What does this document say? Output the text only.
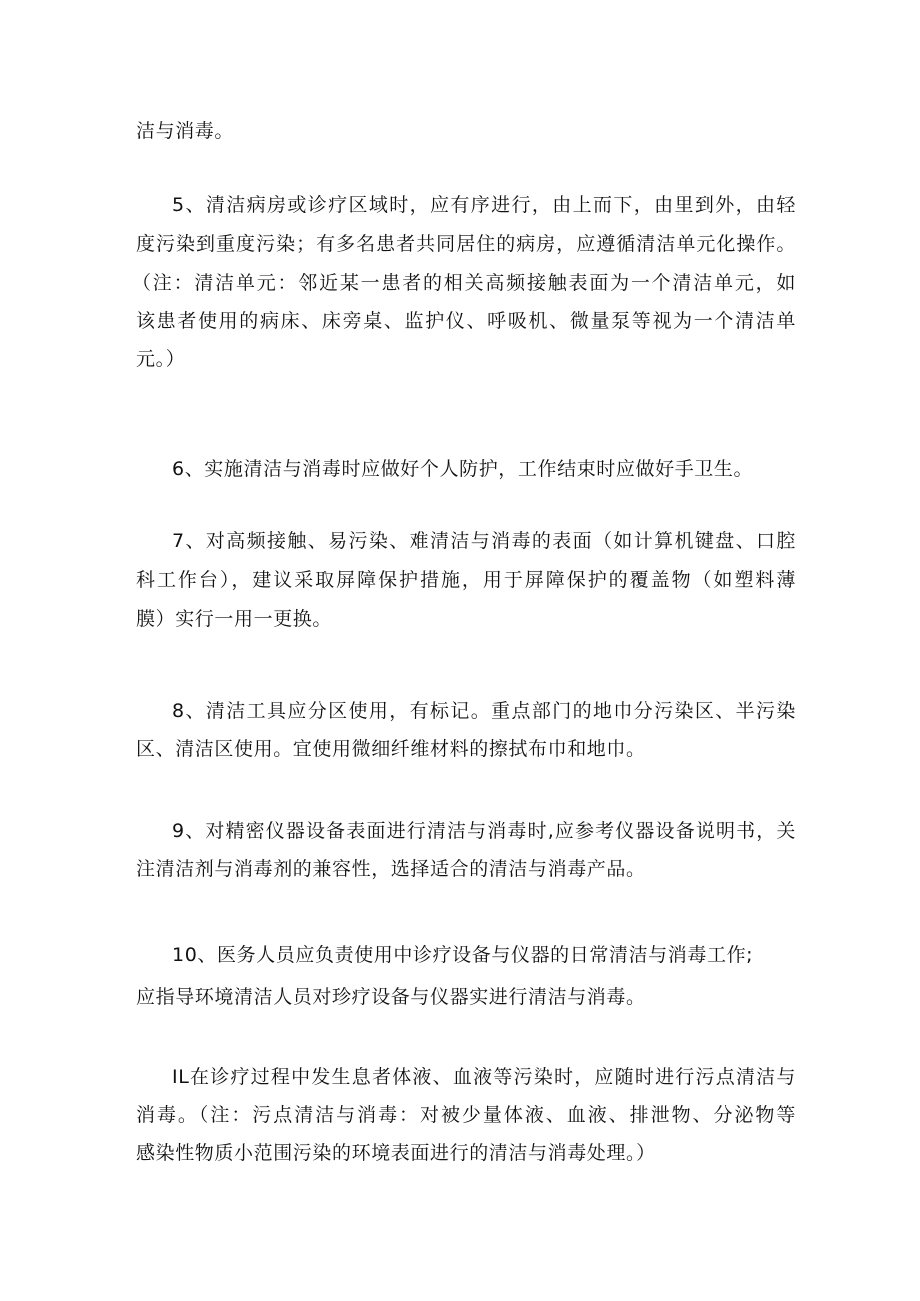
洁与消毒。
5、清洁病房或诊疗区域时，应有序进行，由上而下，由里到外，由轻
度污染到重度污染；有多名患者共同居住的病房，应遵循清洁单元化操作。
（注：清洁单元：邻近某一患者的相关高频接触表面为一个清洁单元，如
该患者使用的病床、床旁桌、监护仪、呼吸机、微量泵等视为一个清洁单
元。）
6、实施清洁与消毒时应做好个人防护，工作结束时应做好手卫生。
7、对高频接触、易污染、难清洁与消毒的表面（如计算机键盘、口腔
科工作台），建议采取屏障保护措施，用于屏障保护的覆盖物（如塑料薄
膜）实行一用一更换。
8、清洁工具应分区使用，有标记。重点部门的地巾分污染区、半污染
区、清洁区使用。宜使用微细纤维材料的擦拭布巾和地巾。
9、对精密仪器设备表面进行清洁与消毒时,应参考仪器设备说明书，关
注清洁剂与消毒剂的兼容性，选择适合的清洁与消毒产品。
10、医务人员应负责使用中诊疗设备与仪器的日常清洁与消毒工作;
应指导环境清洁人员对珍疗设备与仪器实进行清洁与消毒。
IL在诊疗过程中发生息者体液、血液等污染时，应随时进行污点清洁与
消毒。（注：污点清洁与消毒：对被少量体液、血液、排泄物、分泌物等
感染性物质小范围污染的环境表面进行的清洁与消毒处理。）
